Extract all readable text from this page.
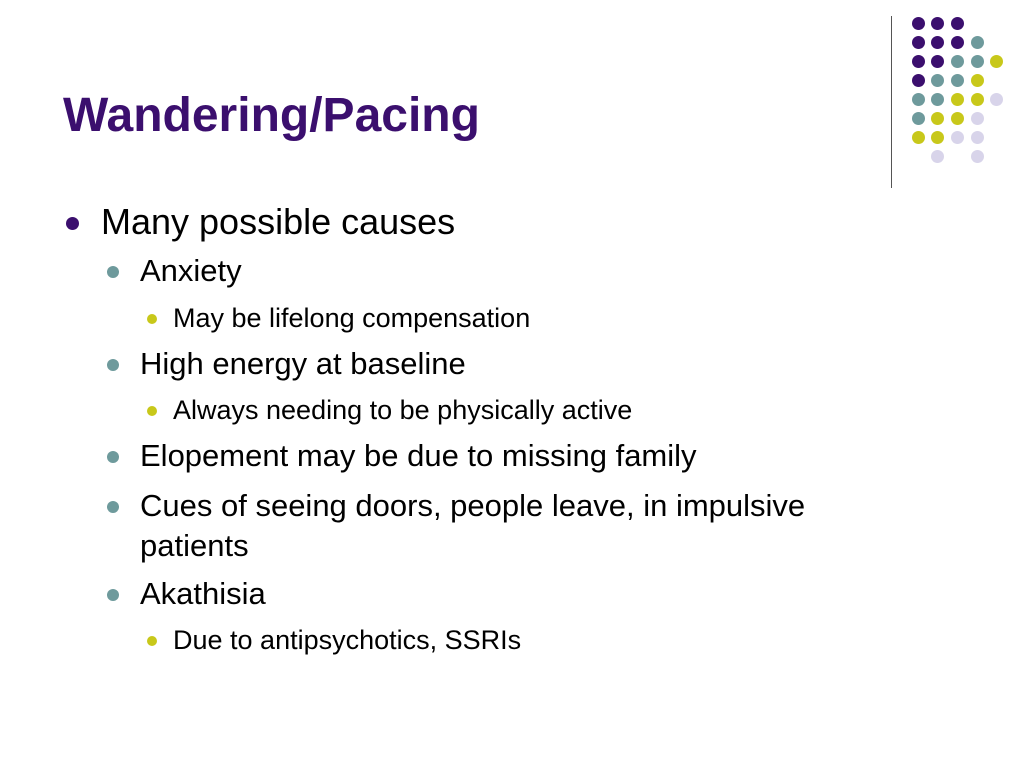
Wandering/Pacing
Many possible causes
Anxiety
May be lifelong compensation
High energy at baseline
Always needing to be physically active
Elopement may be due to missing family
Cues of seeing doors, people leave, in impulsive
patients
Akathisia
Due to antipsychotics, SSRIs
